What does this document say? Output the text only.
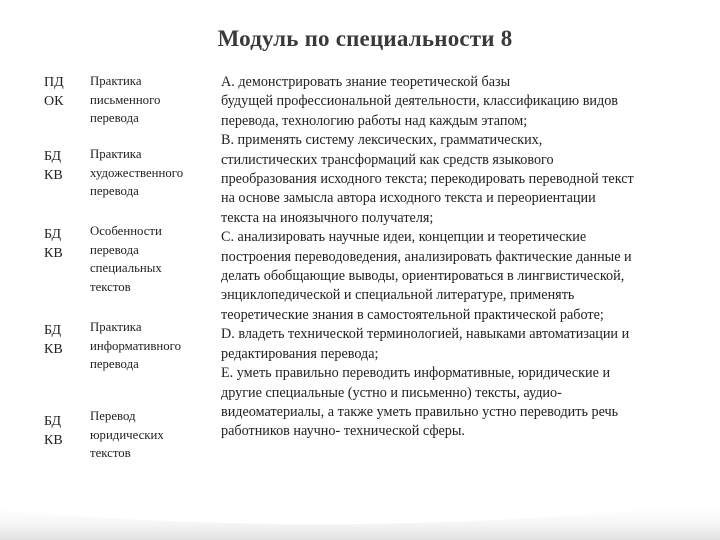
Модуль по специальности 8
ПД
ОК
Практика
письменного
перевода
БД
КВ
Практика
художественного
перевода
БД
КВ
Особенности
перевода
специальных
текстов
БД
КВ
Практика
информативного
перевода
БД
КВ
Перевод
юридических
текстов
А. демонстрировать знание теоретической базы
будущей профессиональной деятельности, классификацию видов
перевода, технологию работы над каждым этапом;
В. применять систему лексических, грамматических,
стилистических трансформаций как средств языкового
преобразования исходного текста; перекодировать переводной текст
на основе замысла автора исходного текста и переориентации
текста на иноязычного получателя;
С. анализировать научные идеи, концепции и теоретические
построения переводоведения, анализировать фактические данные и
делать обобщающие выводы, ориентироваться в лингвистической,
энциклопедической и специальной литературе, применять
теоретические знания в самостоятельной практической работе;
D. владеть технической терминологией, навыками автоматизации и
редактирования перевода;
Е. уметь правильно переводить информативные, юридические и
другие специальные (устно и письменно) тексты, аудио-
видеоматериалы, а также уметь правильно устно переводить речь
работников научно- технической сферы.
